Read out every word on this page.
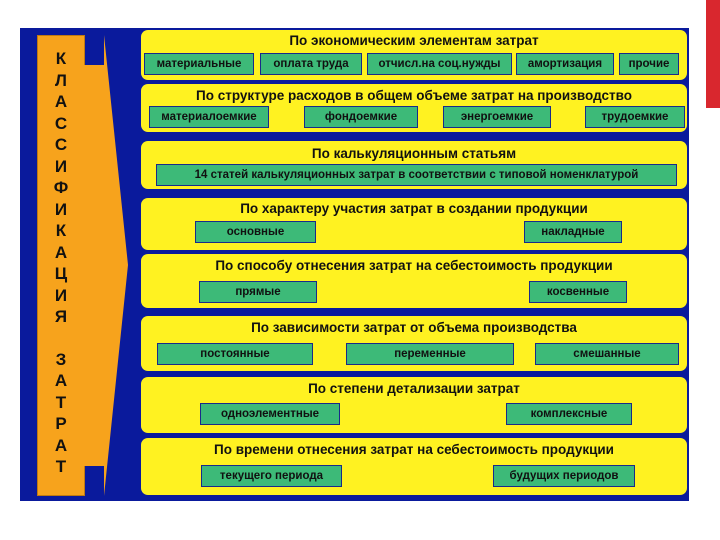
К
Л
А
С
С
И
Ф
И
К
А
Ц
И
Я
З
А
Т
Р
А
Т
По экономическим элементам затрат
материальные	оплата труда	отчисл.на соц.нужды	амортизация	прочие
По структуре расходов в общем объеме затрат на производство
материалоемкие	фондоемкие	энергоемкие	трудоемкие
По калькуляционным статьям
14 статей калькуляционных затрат в соответствии с типовой номенклатурой
По характеру участия затрат в создании продукции
основные	накладные
По способу отнесения затрат на себестоимость продукции
прямые	косвенные
По зависимости затрат от объема производства
постоянные	переменные	смешанные
По степени детализации затрат
одноэлементные	комплексные
По времени отнесения затрат на себестоимость продукции
текущего периода	будущих периодов
